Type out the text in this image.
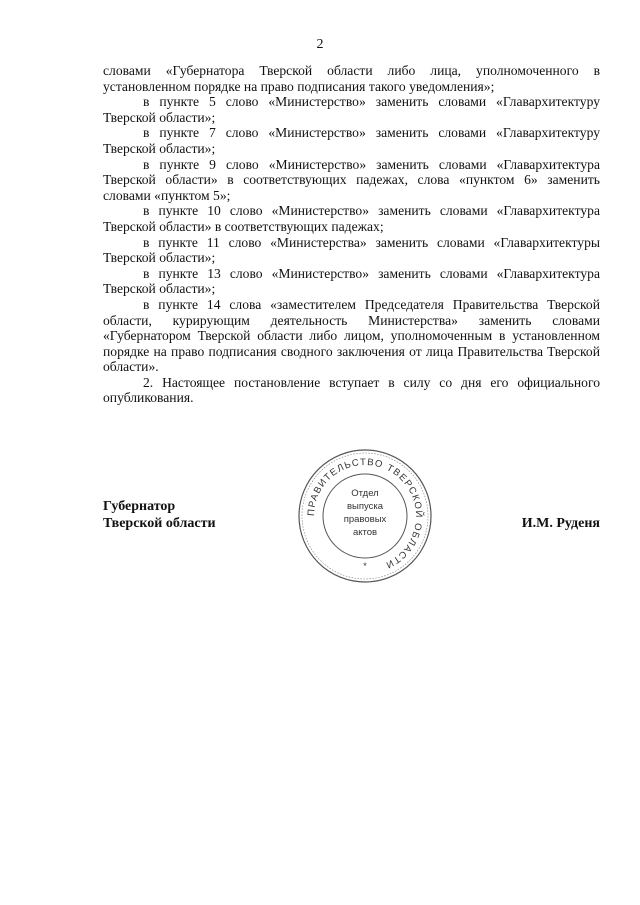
2

словами «Губернатора Тверской области либо лица, уполномоченного в установленном порядке на право подписания такого уведомления»;

в пункте 5 слово «Министерство» заменить словами «Главархитектуру Тверской области»;

в пункте 7 слово «Министерство» заменить словами «Главархитектуру Тверской области»;

в пункте 9 слово «Министерство» заменить словами «Главархитектура Тверской области» в соответствующих падежах, слова «пунктом 6» заменить словами «пунктом 5»;

в пункте 10 слово «Министерство» заменить словами «Главархитектура Тверской области» в соответствующих падежах;

в пункте 11 слово «Министерства» заменить словами «Главархитектуры Тверской области»;

в пункте 13 слово «Министерство» заменить словами «Главархитектура Тверской области»;

в пункте 14 слова «заместителем Председателя Правительства Тверской области, курирующим деятельность Министерства» заменить словами «Губернатором Тверской области либо лицом, уполномоченным в установленном порядке на право подписания сводного заключения от лица Правительства Тверской области».

2. Настоящее постановление вступает в силу со дня его официального опубликования.

Губернатор
Тверской области	И.М. Руденя
ПРАВИТЕЛЬСТВО ТВЕРСКОЙ ОБЛАСТИ
Отдел
выпуска
правовых
актов
*
